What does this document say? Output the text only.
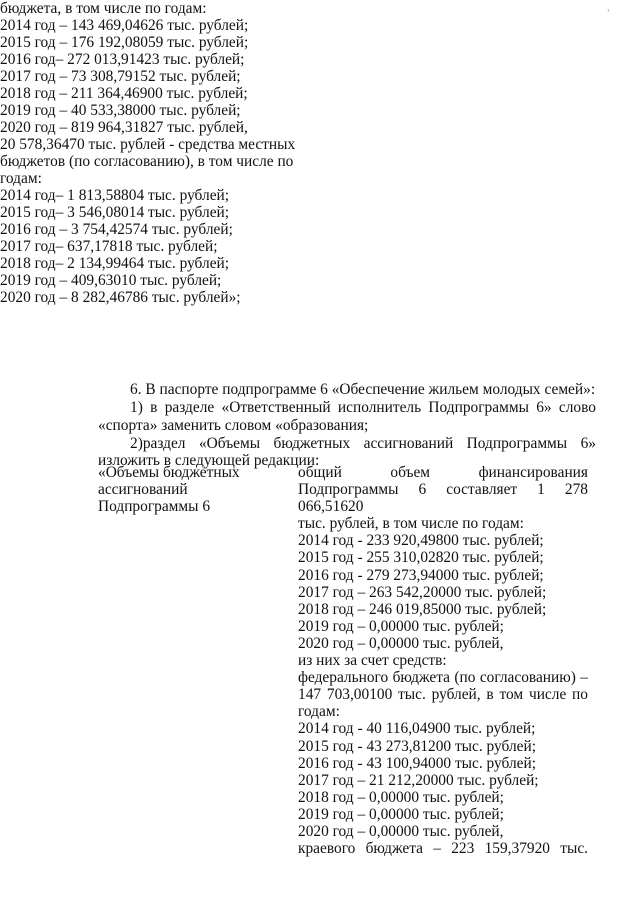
'
бюджета, в том числе по годам:
2014 год – 143 469,04626 тыс. рублей;
2015 год – 176 192,08059 тыс. рублей;
2016 год– 272 013,91423 тыс. рублей;
2017 год – 73 308,79152 тыс. рублей;
2018 год – 211 364,46900 тыс. рублей;
2019 год – 40 533,38000 тыс. рублей;
2020 год – 819 964,31827 тыс. рублей,
20 578,36470 тыс. рублей - средства местных
бюджетов (по согласованию), в том числе по
годам:
2014 год– 1 813,58804 тыс. рублей;
2015 год– 3 546,08014 тыс. рублей;
2016 год – 3 754,42574 тыс. рублей;
2017 год– 637,17818 тыс. рублей;
2018 год– 2 134,99464 тыс. рублей;
2019 год – 409,63010 тыс. рублей;
2020 год – 8 282,46786 тыс. рублей»;
6. В паспорте подпрограмме 6 «Обеспечение жильем молодых семей»:
1) в разделе «Ответственный исполнитель Подпрограммы 6» слово
«спорта» заменить словом «образования;
2)раздел «Объемы бюджетных ассигнований Подпрограммы 6»
изложить в следующей редакции:
«Объемы бюджетных
ассигнований
Подпрограммы 6
общий объем финансирования
Подпрограммы 6 составляет 1 278 066,51620
тыс. рублей, в том числе по годам:
2014 год - 233 920,49800 тыс. рублей;
2015 год - 255 310,02820 тыс. рублей;
2016 год - 279 273,94000 тыс. рублей;
2017 год – 263 542,20000 тыс. рублей;
2018 год – 246 019,85000 тыс. рублей;
2019 год – 0,00000 тыс. рублей;
2020 год – 0,00000 тыс. рублей,
из них за счет средств:
федерального бюджета (по согласованию) –
147 703,00100 тыс. рублей, в том числе по
годам:
2014 год - 40 116,04900 тыс. рублей;
2015 год - 43 273,81200 тыс. рублей;
2016 год - 43 100,94000 тыс. рублей;
2017 год – 21 212,20000 тыс. рублей;
2018 год – 0,00000 тыс. рублей;
2019 год – 0,00000 тыс. рублей;
2020 год – 0,00000 тыс. рублей,
краевого бюджета – 223 159,37920 тыс.
